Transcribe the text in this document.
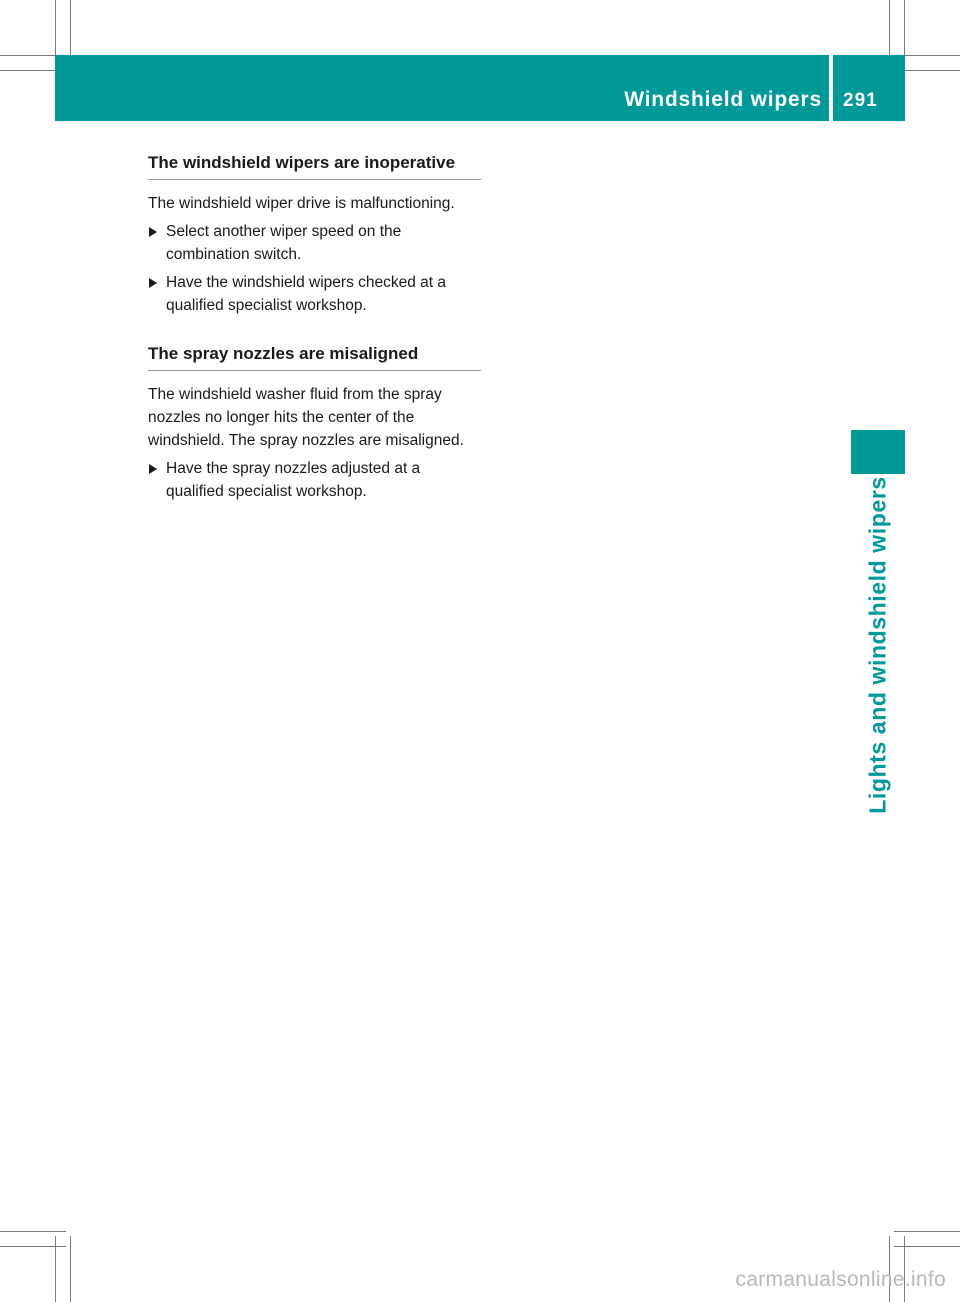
Windshield wipers 291
Lights and windshield wipers
The windshield wipers are inoperative

The windshield wiper drive is malfunctioning.

Select another wiper speed on the combination switch.
Have the windshield wipers checked at a qualified specialist workshop.
The spray nozzles are misaligned

The windshield washer fluid from the spray nozzles no longer hits the center of the windshield. The spray nozzles are misaligned.

Have the spray nozzles adjusted at a qualified specialist workshop.
carmanualsonline.info
